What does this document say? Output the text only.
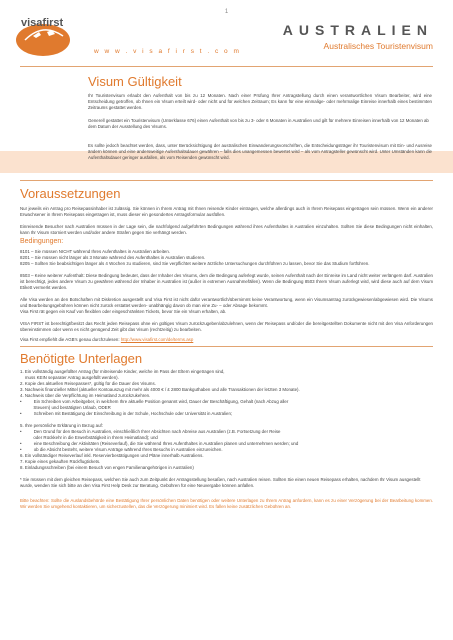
1
visafirst
w w w . v i s a f i r s t . c o m
AUSTRALIEN
Australisches Touristenvisum
Visum Gültigkeit
Ihr Touristenvisum erlaubt den Aufenthalt von bis zu 12 Monaten. Nach einer Prüfung Ihrer Antragstellung durch einen verantwortlichen Visum Bearbeiter, wird eine Entscheidung getroffen, ob Ihnen ein Visum erteilt wird- oder nicht und für welchen Zeitraum; Es kann für eine einmalige- oder mehrmalige Einreise innerhalb eines bestimmten Zeitraums gestattet werden.
Generell gestattet ein Touristenvisum (Unterklasse 676) einen Aufenthalt von bis zu 3- oder 6 Monaten in Australien und gilt für mehrere Einreisen innerhalb von 12 Monaten ab dem Datum der Ausstellung des Visums.
Es sollte jedoch beachtet werden, dass, unter Berücksichtigung der australischen Einwanderungsvorschriften, die Entscheidungsträger ihr Touristenvisum mit Ein- und Ausreise ändern können und eine andersweitige Aufenthaltsdauer gewähren – falls dies unangemessen bewertet wird – als vom Antragsteller gewünscht wird. Unter Umständen kann die Aufenthaltsdauer geringer ausfallen, als vom Reisenden gewünscht wird.
Voraussetzungen
Nur jeweils ein Antrag pro Reisepassinhaber ist zulässig. Sie können in Ihrem Antrag mit Ihnen reisende Kinder eintragen, welche allerdings auch in Ihrem Reisepass eingetragen sein müssen. Wenn ein anderer Erwachsener in Ihrem Reisepass eingetragen ist, muss dieser ein gesondertes Antragsformular ausfüllen.
Einreisende Besucher nach Australien müssen in der Lage sein, die nachfolgend aufgeführten Bedingungen während ihres Aufenthaltes in Australien einzuhalten. Sollten Sie diese Bedingungen nicht einhalten, kann Ihr Visum storniert werden und/oder andere Strafen gegen Sie verhängt werden.
Bedingungen:
8101 – Sie müssen NICHT während Ihres Aufenthaltes in Australien arbeiten.
8201 – Sie müssen nicht länger als 3 Monate während des Aufenthaltes in Australien studieren.
8205 – Sollten Sie beabsichtigen länger als 4 Wochen zu studieren, sind Sie verpflichtet weitere ärztliche Untersuchungen durchführen zu lassen, bevor Sie das Studium fortführen.
8503 – Keine weiterer Aufenthalt: Diese Bedingung bedeutet, dass der Inhaber des Visums, dem die Bedingung auferlegt wurde, seinen Aufenthalt nach der Einreise im Land nicht weiter verlängern darf. Australien ist berechtigt, jedes andere Visum zu gewähren während der Inhaber in Australien ist (außer in extremen Ausnahmefällen). Wenn die Bedingung 8503 Ihrem Visum auferlegt wird, wird diese auch auf dem Visum Etikett vermerkt werden.
Alle Visa werden an den Botschaften mit Diskretion ausgestellt und Visa First ist nicht dafür verantwortlich/übernimmt keine Verantwortung, wenn ein Visumsantrag zurückgewiesen/abgewiesen wird. Die Visums und Bearbeitungsgebühren können nicht zurück erstattet werden- unabhängig davon ob man eine Zu- – oder Absage bekommt.
Visa First rät gegen ein Kauf von flexiblen oder eingeschränkten Tickets, bevor Sie ein Visum erhalten, ab.
VISA FIRST ist berechtigt/besitzt das Recht jeden Reisepass ohne ein gültiges Visum zurückzugeben/abzulehnen, wenn der Reisepass und/oder die bereitgestellten Dokumente nicht mit den Visa Anforderungen übereinstimmen oder wenn es nicht genügend Zeit gibt das Visum (rechtzeitig) zu bearbeiten.
Visa First empfiehlt die AGB's genau durchzulesen: http://www.visafirst.com/de/terms.asp
Benötigte Unterlagen
1. Ein vollständig ausgefüllter Antrag (für mitreisende Kinder, welche im Pass der Eltern eingetragen sind,
muss KEIN separater Antrag ausgefüllt werden).
2. Kopie des aktuellen Reisepasses*, gültig für die Dauer des Visums.
3. Nachweis finanzieller Mittel (aktueller Kontoauszug mit mehr als 4000 € / £ 2800 Bankguthaben und alle Transaktionen der letzten 3 Monate).
4. Nachweis über die Verpflichtung im Heimatland zurückzukehren.
•          Ein Schreiben vom Arbeitgeber, in welchem Ihre aktuelle Position genannt wird, Dauer der Beschäftigung, Gehalt (nach Abzug aller
Steuern) und bestätigten Urlaub, ODER
•          Schreiben mit Bestätigung der Einschreibung in der Schule, Hochschule oder Universität in Australien;
5. Ihre persönliche Erklärung in Bezug auf:
•          Den Grund für den Besuch in Australien, einschließlich Ihrer Absichten nach Abreise aus Australien (z.B. Fortsetzung der Reise
oder Rückkehr in die Erwerbstätigkeit in Ihrem Heimatland); und
•          eine Beschreibung der Aktivitäten (Reiseverlauf), die Sie während Ihres Aufenthaltes in Australien planen und unternehmen werden; und
•          ob die Absicht besteht, weitere Visum Anträge während Ihres Besuchs in Australien einzureichen.
6. Ein vollständiger Reiseverlauf inkl. Reservierbestätigungen und Pläne innerhalb Australiens.
7. Kopie eines gekauften Rückflugtickets.
8. Einladungsschreiben (bei einem Besuch von engen Familienangehörigen in Australien)
* Sie müssen mit dem gleichen Reisepass, welchen Sie auch zum Zeitpunkt der Antragsstellung besaßen, nach Australien reisen. Sollten Sie einen neuen Reisepass erhalten, nachdem Ihr Visum ausgestellt wurde, wenden Sie sich bitte an den Visa First Help Desk zur Beratung. Gebühren für eine Neuvergabe können anfallen.
Bitte beachten: Sollte die Auslandsbehörde eine Bestätigung Ihrer persönlichen Daten benötigen oder weitere Unterlagen zu Ihrem Antrag anfordern, kann es zu einer Verzögerung bei der Bearbeitung kommen. Wir werden Sie umgehend kontaktieren, um sicherzustellen, das die Verzögerung minimiert wird. Es fallen keine zusätzlichen Gebühren an.
